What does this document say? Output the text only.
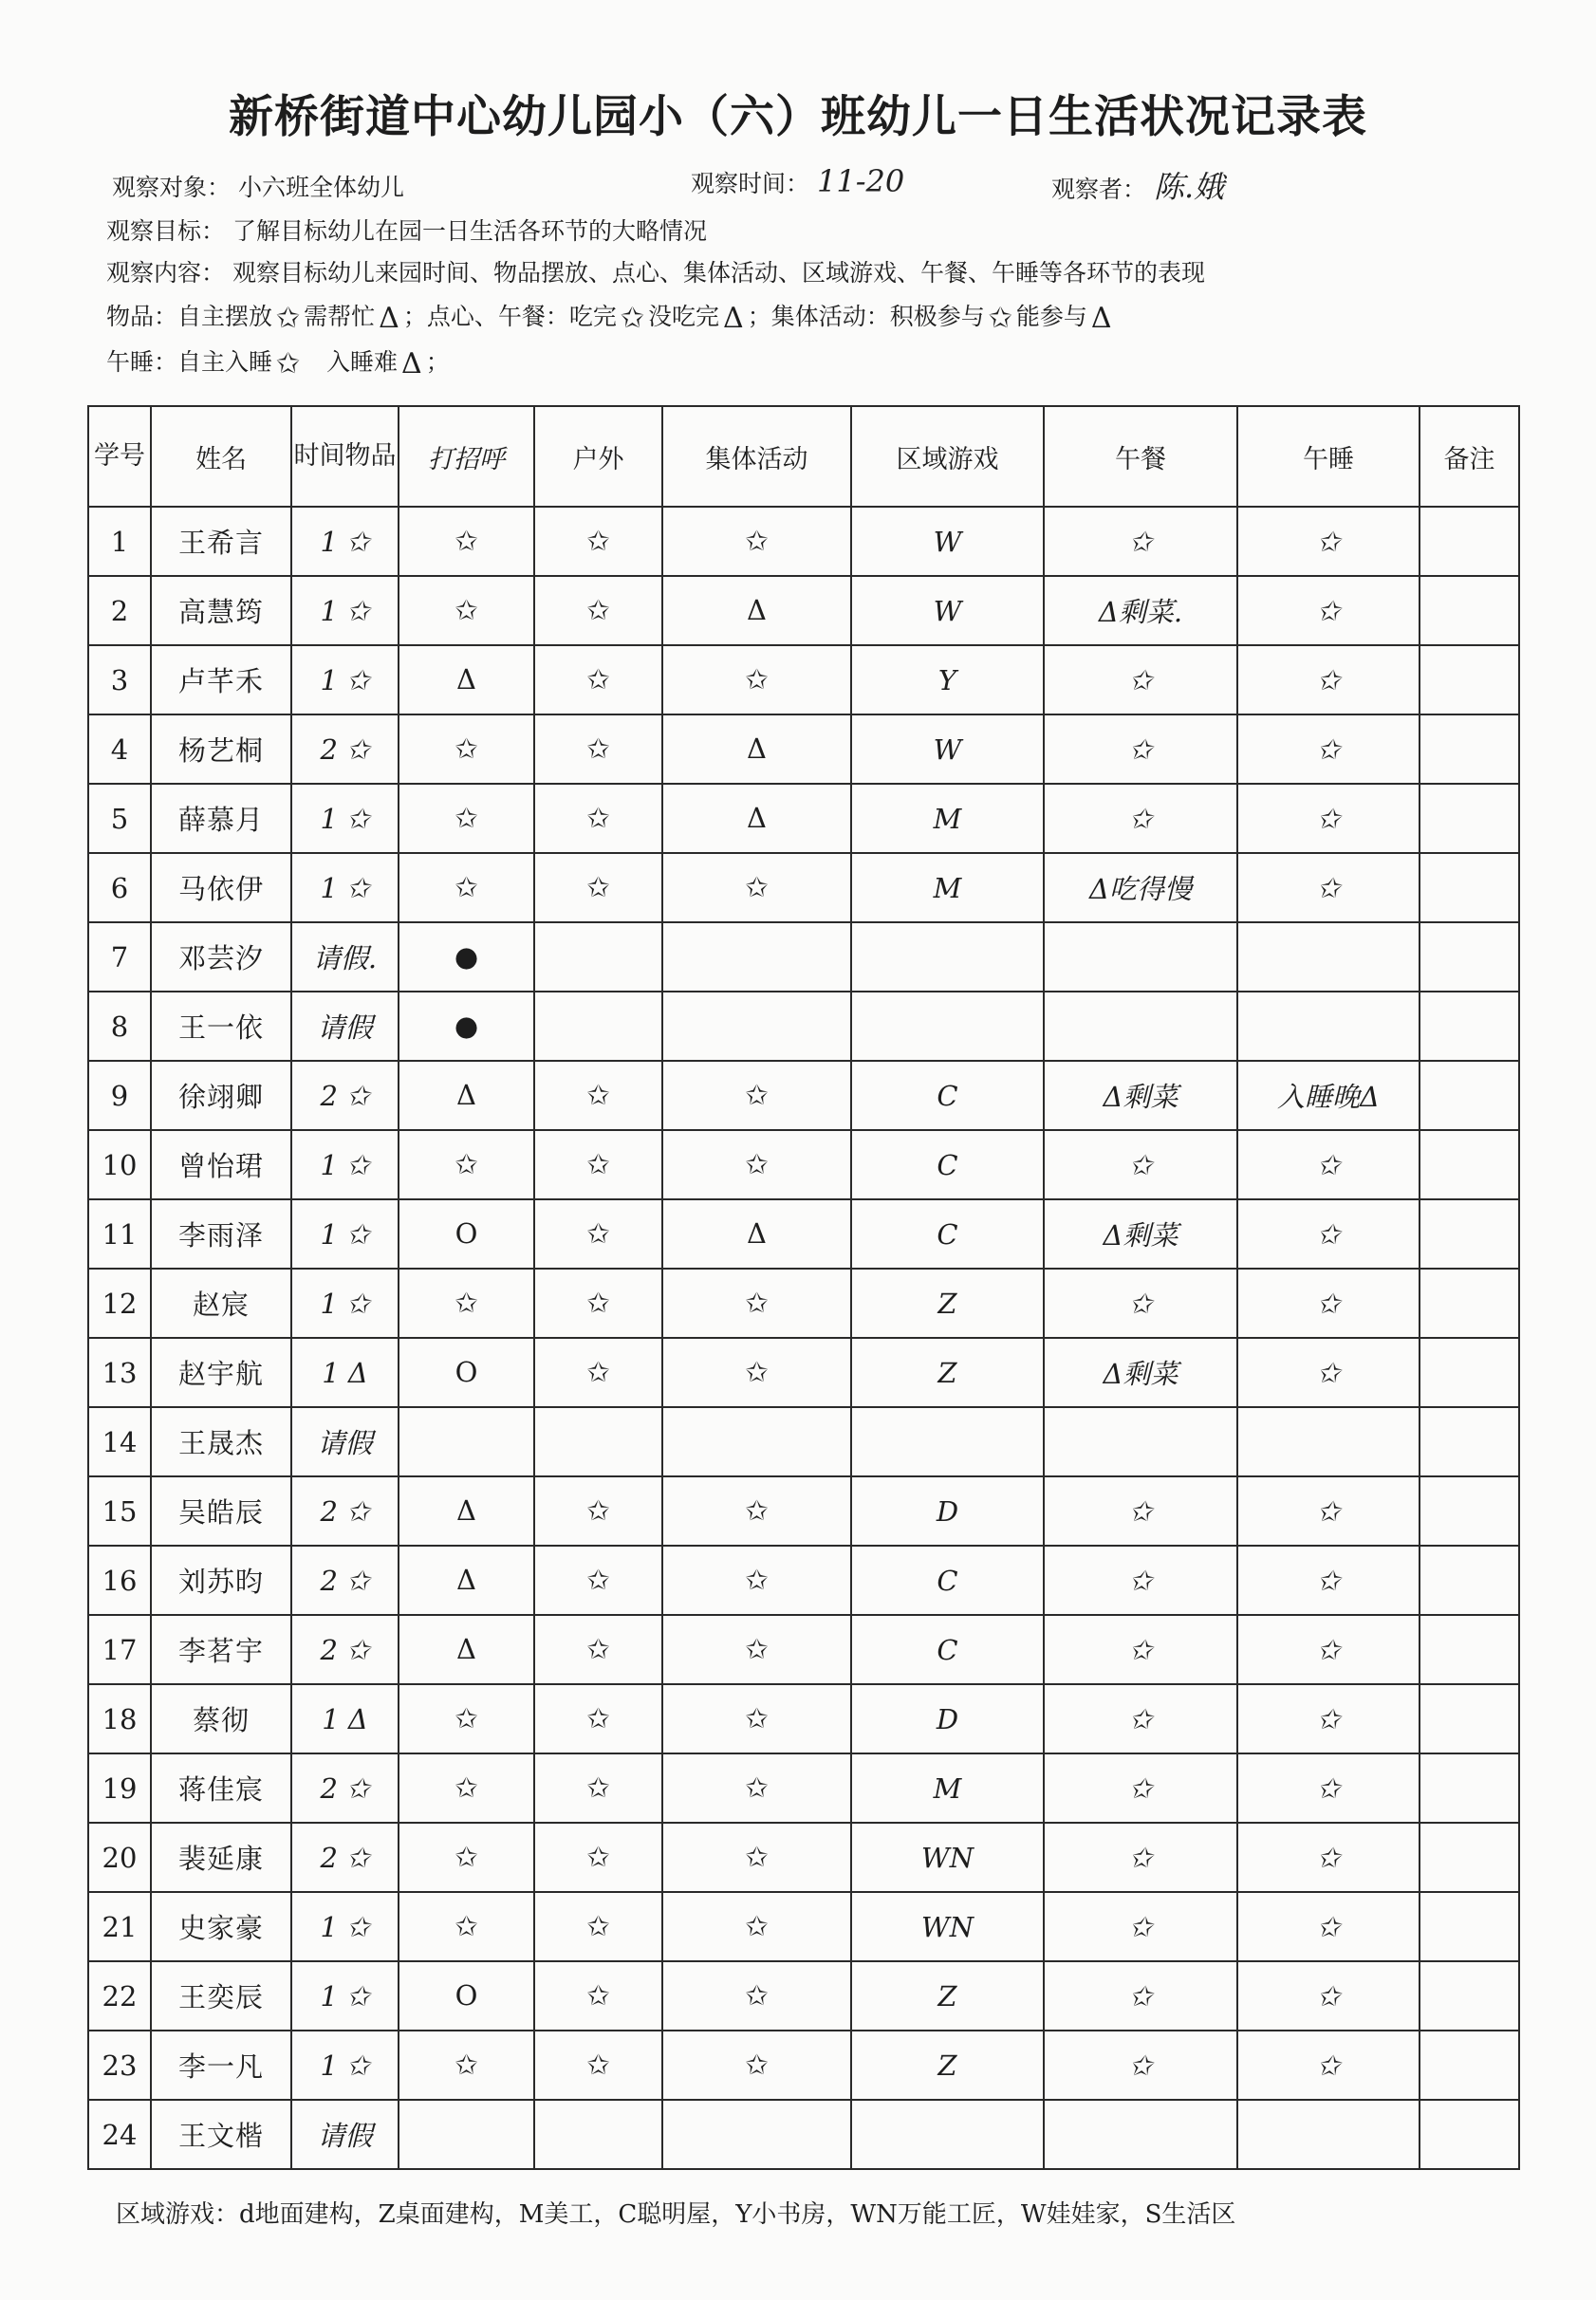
新桥街道中心幼儿园小（六）班幼儿一日生活状况记录表
观察对象： 小六班全体幼儿	观察时间： 11-20	观察者： 陈.娥
观察目标： 了解目标幼儿在园一日生活各环节的大略情况
观察内容： 观察目标幼儿来园时间、物品摆放、点心、集体活动、区域游戏、午餐、午睡等各环节的表现
物品：自主摆放 ✩ 需帮忙 Δ ；点心、午餐：吃完 ✩ 没吃完 Δ ；集体活动：积极参与 ✩ 能参与 Δ
午睡：自主入睡 ✩ 入睡难 Δ ；
学号	姓名	时间物品	打招呼	户外	集体活动	区域游戏	午餐	午睡	备注
1	王希言	1 ✩	✩	✩	✩	W	✩	✩	
2	高慧筠	1 ✩	✩	✩	Δ	W	Δ剩菜.	✩	
3	卢芊禾	1 ✩	Δ	✩	✩	Y	✩	✩	
4	杨艺桐	2 ✩	✩	✩	Δ	W	✩	✩	
5	薛慕月	1 ✩	✩	✩	Δ	M	✩	✩	
6	马依伊	1 ✩	✩	✩	✩	M	Δ吃得慢	✩	
7	邓芸汐	请假.	●						
8	王一依	请假	●						
9	徐翊卿	2 ✩	Δ	✩	✩	C	Δ剩菜	入睡晚Δ	
10	曾怡珺	1 ✩	✩	✩	✩	C	✩	✩	
11	李雨泽	1 ✩	O	✩	Δ	C	Δ剩菜	✩	
12	赵宸	1 ✩	✩	✩	✩	Z	✩	✩	
13	赵宇航	1 Δ	O	✩	✩	Z	Δ剩菜	✩	
14	王晟杰	请假							
15	吴皓辰	2 ✩	Δ	✩	✩	D	✩	✩	
16	刘苏昀	2 ✩	Δ	✩	✩	C	✩	✩	
17	李茗宇	2 ✩	Δ	✩	✩	C	✩	✩	
18	蔡彻	1 Δ	✩	✩	✩	D	✩	✩	
19	蒋佳宸	2 ✩	✩	✩	✩	M	✩	✩	
20	裴延康	2 ✩	✩	✩	✩	WN	✩	✩	
21	史家豪	1 ✩	✩	✩	✩	WN	✩	✩	
22	王奕辰	1 ✩	O	✩	✩	Z	✩	✩	
23	李一凡	1 ✩	✩	✩	✩	Z	✩	✩	
24	王文楷	请假							
区域游戏：d地面建构，Z桌面建构，M美工，C聪明屋，Y小书房，WN万能工匠，W娃娃家，S生活区
